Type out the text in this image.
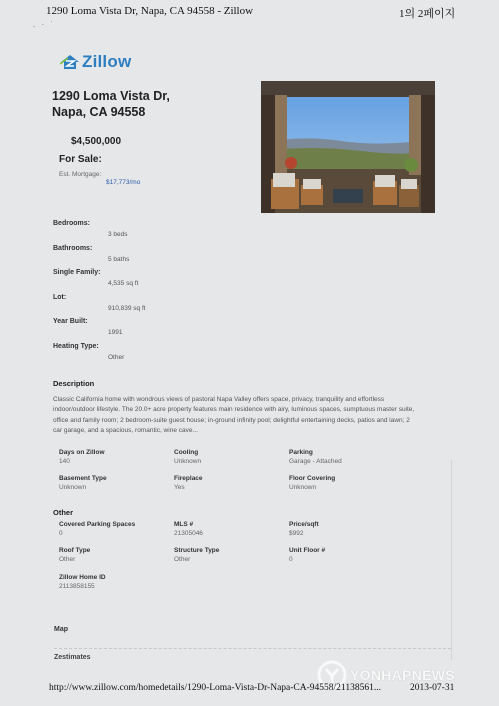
1290 Loma Vista Dr, Napa, CA 94558 - Zillow	1의 2페이지
. · ˙
Zillow
1290 Loma Vista Dr,
Napa, CA 94558
$4,500,000
For Sale:
Est. Mortgage:
$17,773/mo
Bedrooms:
3 beds
Bathrooms:
5 baths
Single Family:
4,535 sq ft
Lot:
910,839 sq ft
Year Built:
1991
Heating Type:
Other
Description
Classic California home with wondrous views of pastoral Napa Valley offers space, privacy, tranquility and effortless indoor/outdoor lifestyle. The 20.0+ acre property features main residence with airy, luminous spaces, sumptuous master suite, office and family room; 2 bedroom-suite guest house; in-ground infinity pool; delightful entertaining decks, patios and lawn; 2 car garage, and a spacious, romantic, wine cave...
Days on Zillow
140
Cooling
Unknown
Parking
Garage - Attached
Basement Type
Unknown
Fireplace
Yes
Floor Covering
Unknown
Other
Covered Parking Spaces
0
MLS #
21305046
Price/sqft
$992
Roof Type
Other
Structure Type
Other
Unit Floor #
0
Zillow Home ID
2113858155
Map
Zestimates
YONHAPNEWS
http://www.zillow.com/homedetails/1290-Loma-Vista-Dr-Napa-CA-94558/21138561...	2013-07-31
